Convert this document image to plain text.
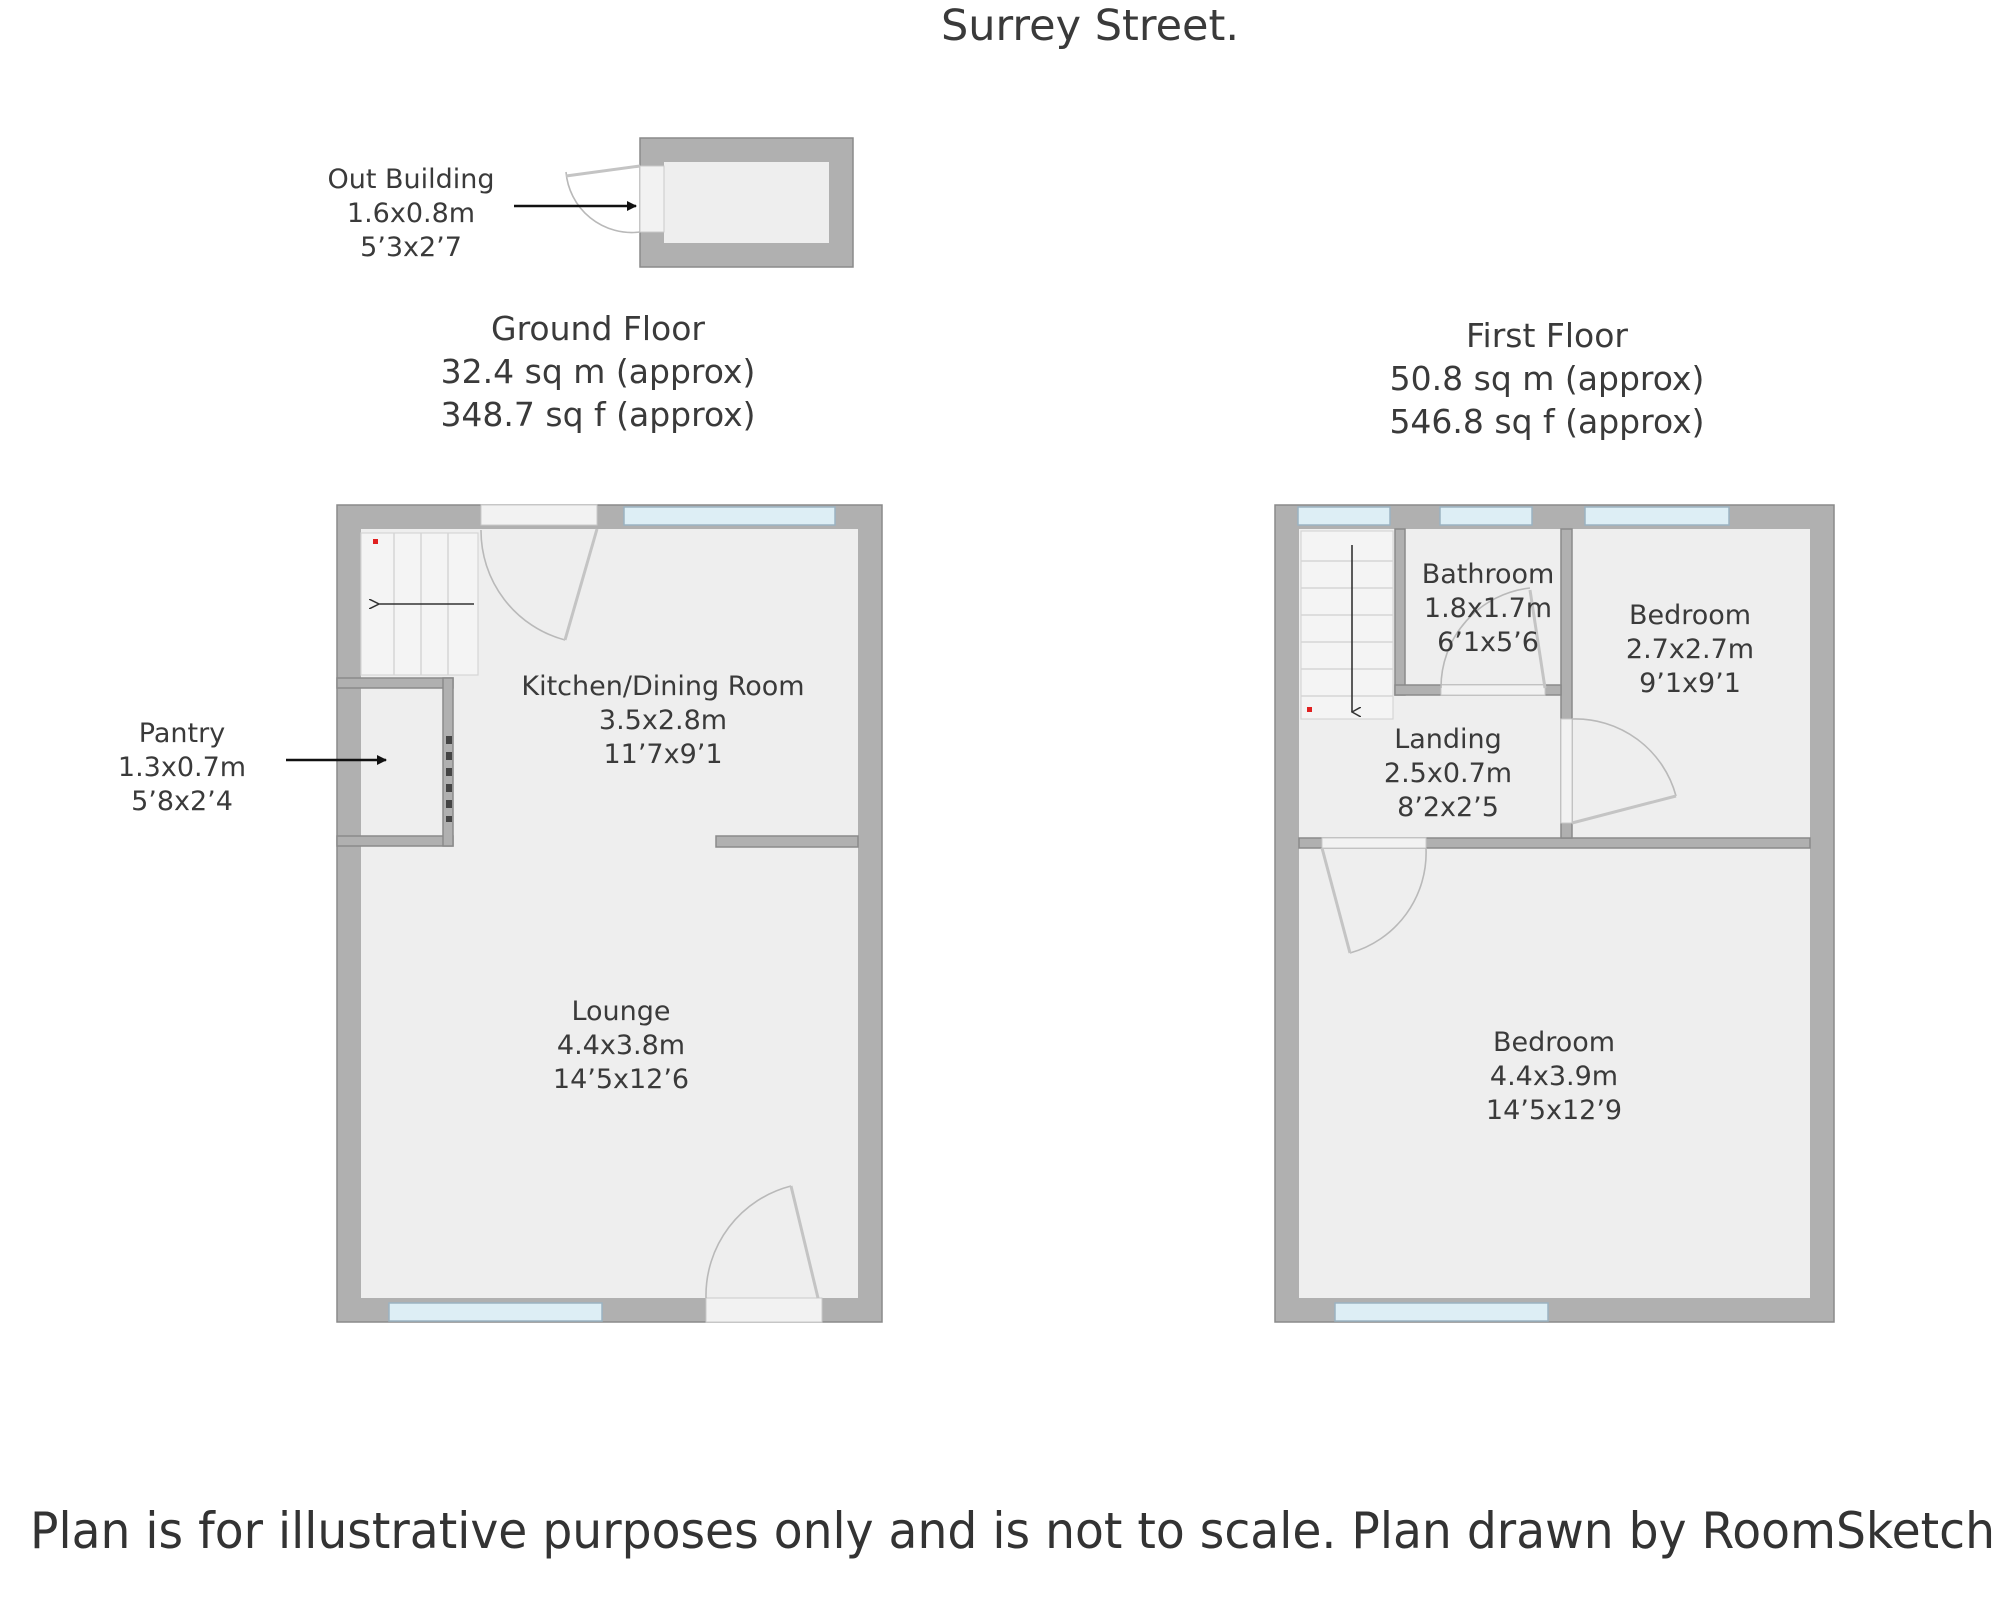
Surrey Street.
Out Building
1.6x0.8m
5’3x2’7
Ground Floor
32.4 sq m (approx)
348.7 sq f (approx)
Kitchen/Dining Room
3.5x2.8m
11’7x9’1
Lounge
4.4x3.8m
14’5x12’6
Pantry
1.3x0.7m
5’8x2’4
First Floor
50.8 sq m (approx)
546.8 sq f (approx)
Bathroom
1.8x1.7m
6’1x5’6
Bedroom
2.7x2.7m
9’1x9’1
Landing
2.5x0.7m
8’2x2’5
Bedroom
4.4x3.9m
14’5x12’9
Plan is for illustrative purposes only and is not to scale. Plan drawn by RoomSketch
